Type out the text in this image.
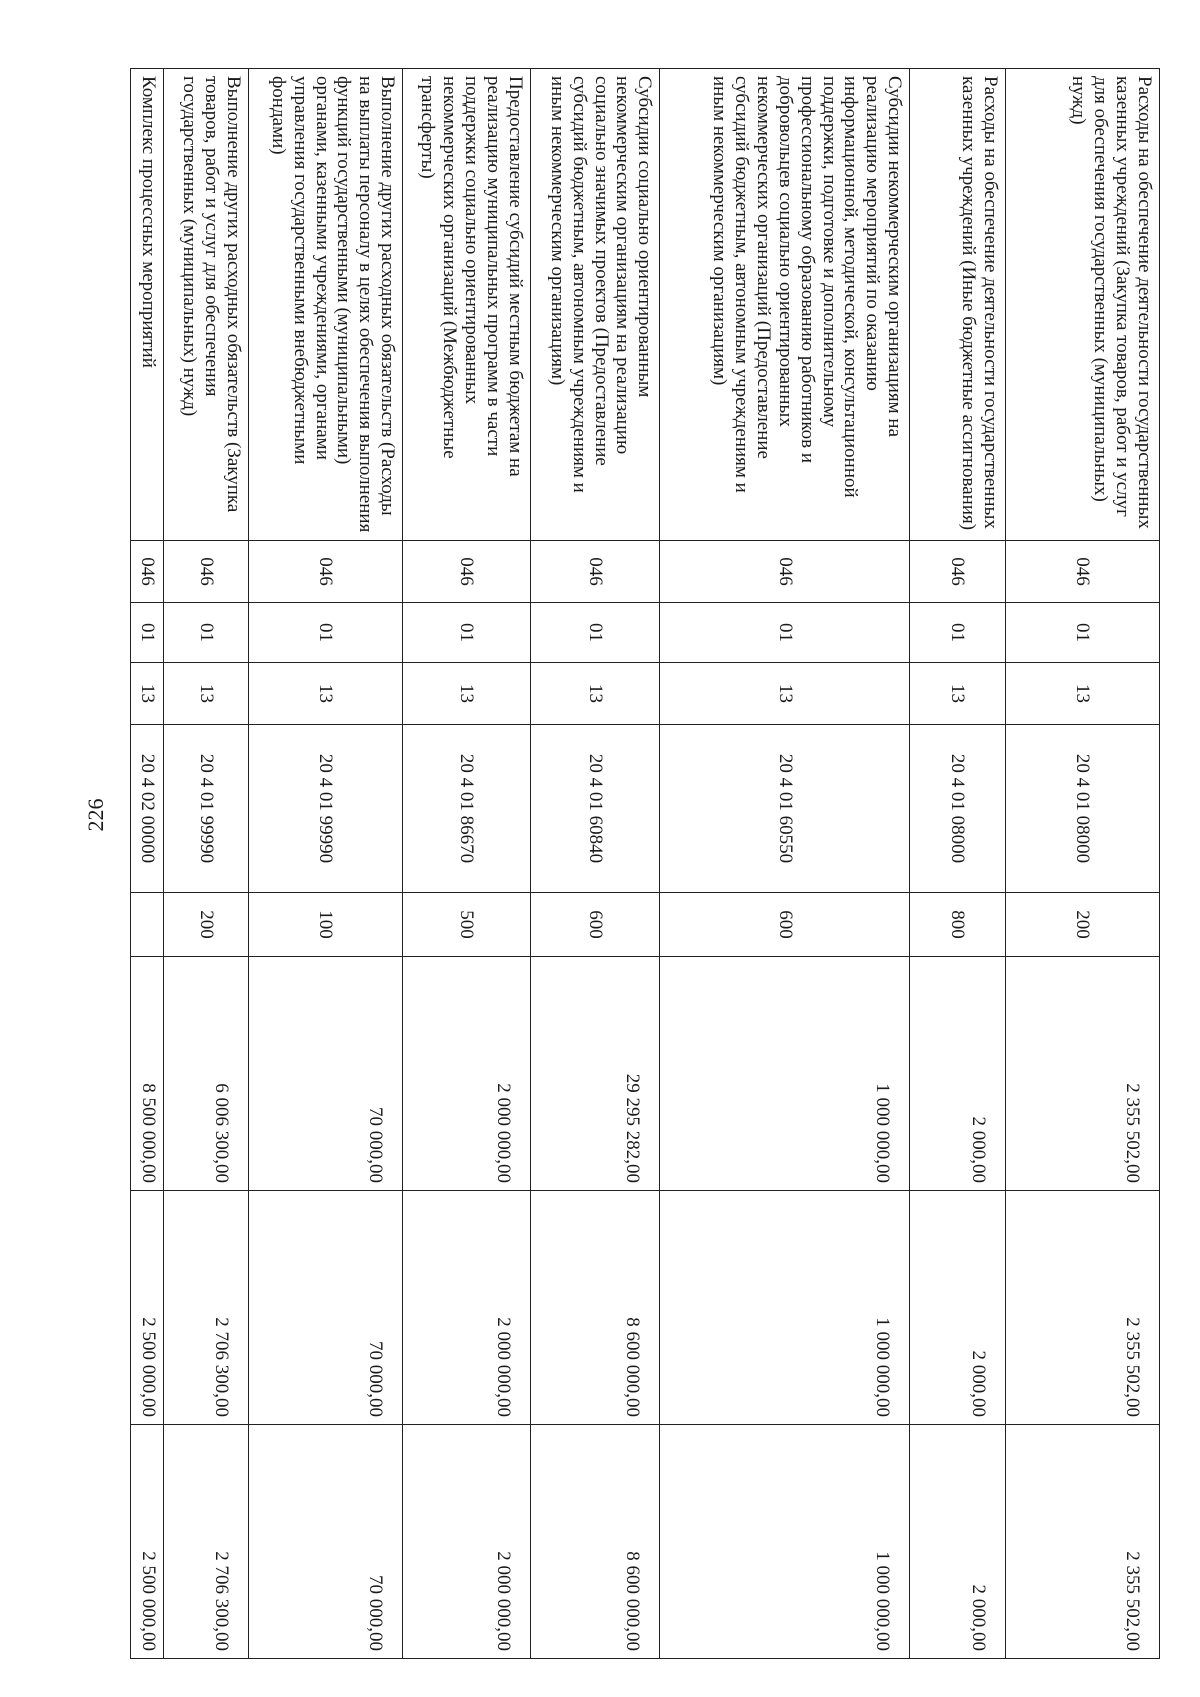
226
Расходы на обеспечение деятельности государственных казенных учреждений (Закупка товаров, работ и услуг для обеспечения государственных (муниципальных) нужд)	046	01	13	20 4 01 08000	200	2 355 502,00	2 355 502,00	2 355 502,00
Расходы на обеспечение деятельности государственных казенных учреждений (Иные бюджетные ассигнования)	046	01	13	20 4 01 08000	800	2 000,00	2 000,00	2 000,00
Субсидии некоммерческим организациям на реализацию мероприятий по оказанию информационной, методической, консультационной поддержки, подготовке и дополнительному профессиональному образованию работников и добровольцев социально ориентированных некоммерческих организаций (Предоставление субсидий бюджетным, автономным учреждениям и иным некоммерческим организациям)	046	01	13	20 4 01 60550	600	1 000 000,00	1 000 000,00	1 000 000,00
Субсидии социально ориентированным некоммерческим организациям на реализацию социально значимых проектов (Предоставление субсидий бюджетным, автономным учреждениям и иным некоммерческим организациям)	046	01	13	20 4 01 60840	600	29 295 282,00	8 600 000,00	8 600 000,00
Предоставление субсидий местным бюджетам на реализацию муниципальных программ в части поддержки социально ориентированных некоммерческих организаций (Межбюджетные трансферты)	046	01	13	20 4 01 86670	500	2 000 000,00	2 000 000,00	2 000 000,00
Выполнение других расходных обязательств (Расходы на выплаты персоналу в целях обеспечения выполнения функций государственными (муниципальными) органами, казенными учреждениями, органами управления государственными внебюджетными фондами)	046	01	13	20 4 01 99990	100	70 000,00	70 000,00	70 000,00
Выполнение других расходных обязательств (Закупка товаров, работ и услуг для обеспечения государственных (муниципальных) нужд)	046	01	13	20 4 01 99990	200	6 006 300,00	2 706 300,00	2 706 300,00
Комплекс процессных мероприятий	046	01	13	20 4 02 00000		8 500 000,00	2 500 000,00	2 500 000,00
